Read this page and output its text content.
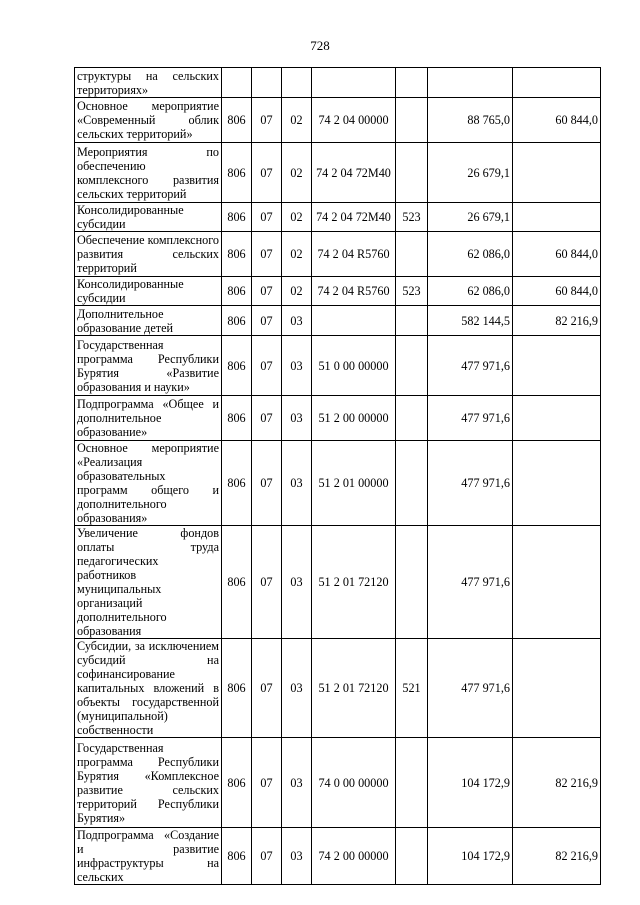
728
структуры на сельских территориях»							
Основное мероприятие «Современный облик сельских территорий»	806	07	02	74 2 04 00000		88 765,0	60 844,0
Мероприятия по обеспечению комплексного развития сельских территорий	806	07	02	74 2 04 72М40		26 679,1	
Консолидированные субсидии	806	07	02	74 2 04 72М40	523	26 679,1	
Обеспечение комплексного развития сельских территорий	806	07	02	74 2 04 R5760		62 086,0	60 844,0
Консолидированные субсидии	806	07	02	74 2 04 R5760	523	62 086,0	60 844,0
Дополнительное образование детей	806	07	03			582 144,5	82 216,9
Государственная программа Республики Бурятия «Развитие образования и науки»	806	07	03	51 0 00 00000		477 971,6	
Подпрограмма «Общее и дополнительное образование»	806	07	03	51 2 00 00000		477 971,6	
Основное мероприятие «Реализация образовательных программ общего и дополнительного образования»	806	07	03	51 2 01 00000		477 971,6	
Увеличение фондов оплаты труда педагогических работников муниципальных организаций дополнительного образования	806	07	03	51 2 01 72120		477 971,6	
Субсидии, за исключением субсидий на софинансирование капитальных вложений в объекты государственной (муниципальной) собственности	806	07	03	51 2 01 72120	521	477 971,6	
Государственная программа Республики Бурятия «Комплексное развитие сельских территорий Республики Бурятия»	806	07	03	74 0 00 00000		104 172,9	82 216,9
Подпрограмма «Создание и развитие инфраструктуры на сельских	806	07	03	74 2 00 00000		104 172,9	82 216,9
